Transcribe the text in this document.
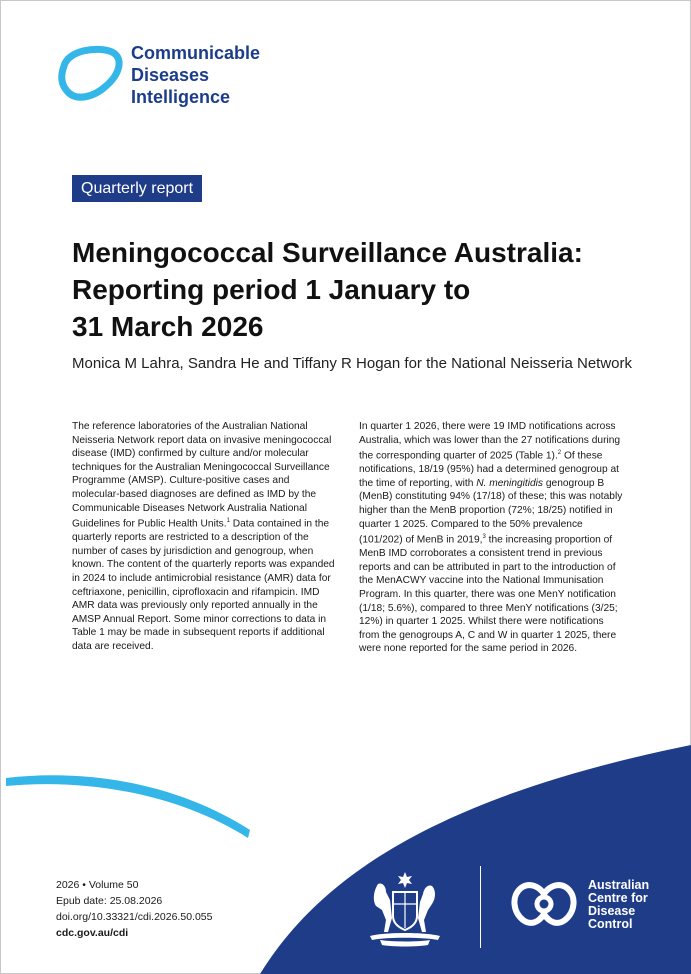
Communicable
Diseases
Intelligence
Quarterly report
Meningococcal Surveillance Australia:
Reporting period 1 January to
31 March 2026
Monica M Lahra, Sandra He and Tiffany R Hogan for the National Neisseria Network

The reference laboratories of the Australian National Neisseria Network report data on invasive meningococcal disease (IMD) confirmed by culture and/or molecular techniques for the Australian Meningococcal Surveillance Programme (AMSP). Culture-positive cases and molecular-based diagnoses are defined as IMD by the Communicable Diseases Network Australia National Guidelines for Public Health Units.$^1$ Data contained in the quarterly reports are restricted to a description of the number of cases by jurisdiction and genogroup, when known. The content of the quarterly reports was expanded in 2024 to include antimicrobial resistance (AMR) data for ceftriaxone, penicillin, ciprofloxacin and rifampicin. IMD AMR data was previously only reported annually in the AMSP Annual Report. Some minor corrections to data in Table 1 may be made in subsequent reports if additional data are received.

In quarter 1 2026, there were 19 IMD notifications across Australia, which was lower than the 27 notifications during the corresponding quarter of 2025 (Table 1).$^2$ Of these notifications, 18/19 (95%) had a determined genogroup at the time of reporting, with N. meningitidis genogroup B (MenB) constituting 94% (17/18) of these; this was notably higher than the MenB proportion (72%; 18/25) notified in quarter 1 2025. Compared to the 50% prevalence (101/202) of MenB in 2019,$^3$ the increasing proportion of MenB IMD corroborates a consistent trend in previous reports and can be attributed in part to the introduction of the MenACWY vaccine into the National Immunisation Program. In this quarter, there was one MenY notification (1/18; 5.6%), compared to three MenY notifications (3/25; 12%) in quarter 1 2025. Whilst there were notifications from the genogroups A, C and W in quarter 1 2025, there were none reported for the same period in 2026.

2026 • Volume 50
Epub date: 25.08.2026
doi.org/10.33321/cdi.2026.50.055
cdc.gov.au/cdi
Australian
Centre for
Disease
Control
